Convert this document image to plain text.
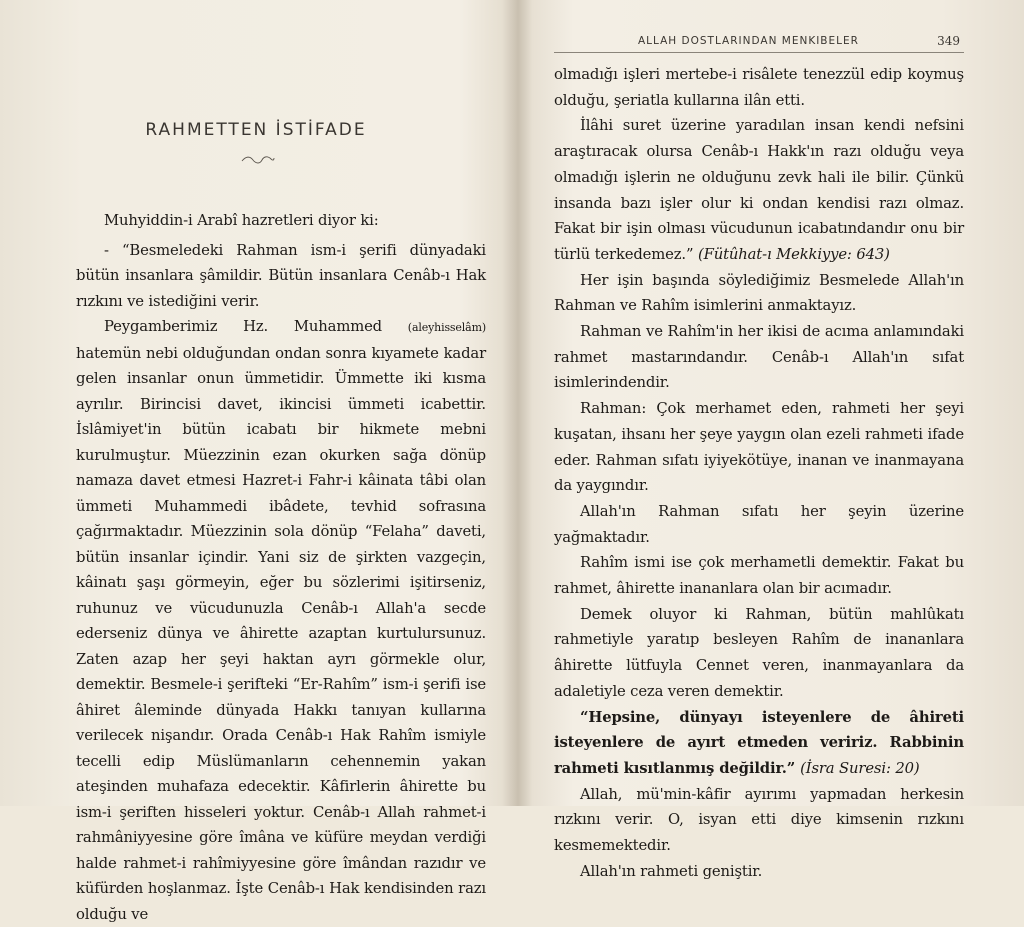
RAHMETTEN İSTİFADE

Muhyiddin-i Arabî hazretleri diyor ki:

- “Besmeledeki Rahman ism-i şerifi dünyadaki bütün insanlara şâmildir. Bütün insanlara Cenâb-ı Hak rızkını ve istediğini verir.

Peygamberimiz Hz. Muhammed (aleyhisselâm) hatemün nebi olduğundan ondan sonra kıyamete kadar gelen insanlar onun ümmetidir. Ümmette iki kısma ayrılır. Birincisi davet, ikincisi ümmeti icabettir. İslâmiyet'in bütün icabatı bir hikmete mebni kurulmuştur. Müezzinin ezan okurken sağa dönüp namaza davet etmesi Hazret-i Fahr-i kâinata tâbi olan ümmeti Muhammedi ibâdete, tevhid sofrasına çağırmaktadır. Müezzinin sola dönüp “Felaha” daveti, bütün insanlar içindir. Yani siz de şirkten vazgeçin, kâinatı şaşı görmeyin, eğer bu sözlerimi işitirseniz, ruhunuz ve vücudunuzla Cenâb-ı Allah'a secde ederseniz dünya ve âhirette azaptan kurtulursunuz. Zaten azap her şeyi haktan ayrı görmekle olur, demektir. Besmele-i şerifteki “Er-Rahîm” ism-i şerifi ise âhiret âleminde dünyada Hakkı tanıyan kullarına verilecek nişandır. Orada Cenâb-ı Hak Rahîm ismiyle tecelli edip Müslümanların cehennemin yakan ateşinden muhafaza edecektir. Kâfirlerin âhirette bu ism-i şeriften hisseleri yoktur. Cenâb-ı Allah rahmet-i rahmâniyyesine göre îmâna ve küfüre meydan verdiği halde rahmet-i rahîmiyyesine göre îmândan razıdır ve küfürden hoşlanmaz. İşte Cenâb-ı Hak kendisinden razı olduğu ve

ALLAH DOSTLARINDAN MENKIBELER	349

olmadığı işleri mertebe-i risâlete tenezzül edip koymuş olduğu, şeriatla kullarına ilân etti.

İlâhi suret üzerine yaradılan insan kendi nefsini araştıracak olursa Cenâb-ı Hakk'ın razı olduğu veya olmadığı işlerin ne olduğunu zevk hali ile bilir. Çünkü insanda bazı işler olur ki ondan kendisi razı olmaz. Fakat bir işin olması vücudunun icabatındandır onu bir türlü terkedemez.” (Fütûhat-ı Mekkiyye: 643)

Her işin başında söylediğimiz Besmelede Allah'ın Rahman ve Rahîm isimlerini anmaktayız.

Rahman ve Rahîm'in her ikisi de acıma anlamındaki rahmet mastarındandır. Cenâb-ı Allah'ın sıfat isimlerindendir.

Rahman: Çok merhamet eden, rahmeti her şeyi kuşatan, ihsanı her şeye yaygın olan ezeli rahmeti ifade eder. Rahman sıfatı iyiyekötüye, inanan ve inanmayana da yaygındır.

Allah'ın Rahman sıfatı her şeyin üzerine yağmaktadır.

Rahîm ismi ise çok merhametli demektir. Fakat bu rahmet, âhirette inananlara olan bir acımadır.

Demek oluyor ki Rahman, bütün mahlûkatı rahmetiyle yaratıp besleyen Rahîm de inananlara âhirette lütfuyla Cennet veren, inanmayanlara da adaletiyle ceza veren demektir.

“Hepsine, dünyayı isteyenlere de âhireti isteyenlere de ayırt etmeden veririz. Rabbinin rahmeti kısıtlanmış değildir.” (İsra Suresi: 20)

Allah, mü'min-kâfir ayırımı yapmadan herkesin rızkını verir. O, isyan etti diye kimsenin rızkını kesmemektedir.

Allah'ın rahmeti geniştir.
